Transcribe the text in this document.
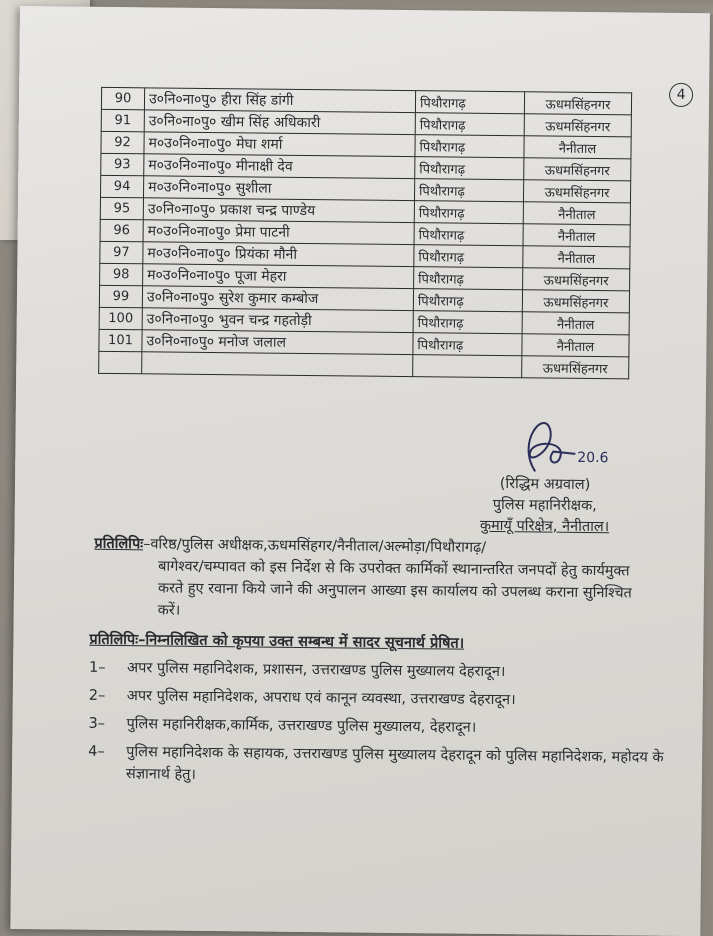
4
90	उ०नि०ना०पु० हीरा सिंह डांगी	पिथौरागढ़	ऊधमसिंहनगर
91	उ०नि०ना०पु० खीम सिंह अधिकारी	पिथौरागढ़	ऊधमसिंहनगर
92	म०उ०नि०ना०पु० मेघा शर्मा	पिथौरागढ़	नैनीताल
93	म०उ०नि०ना०पु० मीनाक्षी देव	पिथौरागढ़	ऊधमसिंहनगर
94	म०उ०नि०ना०पु० सुशीला	पिथौरागढ़	ऊधमसिंहनगर
95	उ०नि०ना०पु० प्रकाश चन्द्र पाण्डेय	पिथौरागढ़	नैनीताल
96	म०उ०नि०ना०पु० प्रेमा पाटनी	पिथौरागढ़	नैनीताल
97	म०उ०नि०ना०पु० प्रियंका मौनी	पिथौरागढ़	नैनीताल
98	म०उ०नि०ना०पु० पूजा मेहरा	पिथौरागढ़	ऊधमसिंहनगर
99	उ०नि०ना०पु० सुरेश कुमार कम्बोज	पिथौरागढ़	ऊधमसिंहनगर
100	उ०नि०ना०पु० भुवन चन्द्र गहतोड़ी	पिथौरागढ़	नैनीताल
101	उ०नि०ना०पु० मनोज जलाल	पिथौरागढ़	नैनीताल
			ऊधमसिंहनगर
20.6
(रिद्धिम अग्रवाल)
पुलिस महानिरीक्षक,
कुमायूँ परिक्षेत्र, नैनीताल।
प्रतिलिपिः–वरिष्ठ/पुलिस अधीक्षक,ऊधमसिंहगर/नैनीताल/अल्मोड़ा/पिथौरागढ़/
बागेश्वर/चम्पावत को इस निर्देश से कि उपरोक्त कार्मिकों स्थानान्तरित जनपदों हेतु कार्यमुक्त करते हुए रवाना किये जाने की अनुपालन आख्या इस कार्यालय को उपलब्ध कराना सुनिश्चित करें।
प्रतिलिपिः–निम्नलिखित को कृपया उक्त सम्बन्ध में सादर सूचनार्थ प्रेषित।
1–	अपर पुलिस महानिदेशक, प्रशासन, उत्तराखण्ड पुलिस मुख्यालय देहरादून।
2–	अपर पुलिस महानिदेशक, अपराध एवं कानून व्यवस्था, उत्तराखण्ड देहरादून।
3–	पुलिस महानिरीक्षक,कार्मिक, उत्तराखण्ड पुलिस मुख्यालय, देहरादून।
4–	पुलिस महानिदेशक के सहायक, उत्तराखण्ड पुलिस मुख्यालय देहरादून को पुलिस महानिदेशक, महोदय के संज्ञानार्थ हेतु।
